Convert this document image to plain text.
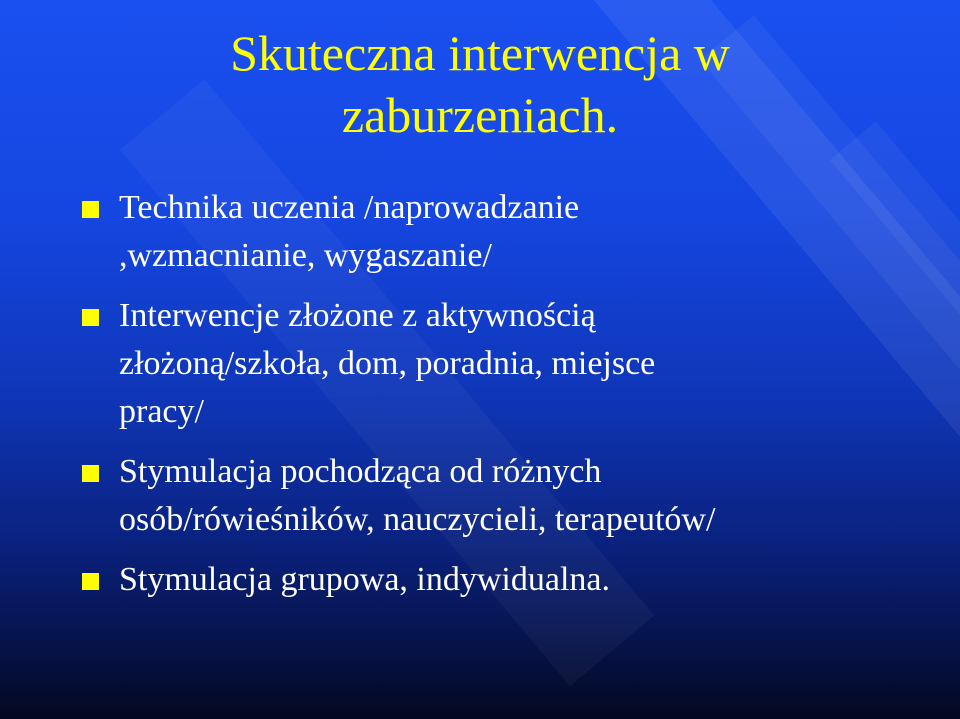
Skuteczna interwencja w
zaburzeniach.
Technika uczenia /naprowadzanie
,wzmacnianie, wygaszanie/
Interwencje złożone z aktywnością
złożoną/szkoła, dom, poradnia, miejsce
pracy/
Stymulacja pochodząca od różnych
osób/rówieśników, nauczycieli, terapeutów/
Stymulacja grupowa, indywidualna.
